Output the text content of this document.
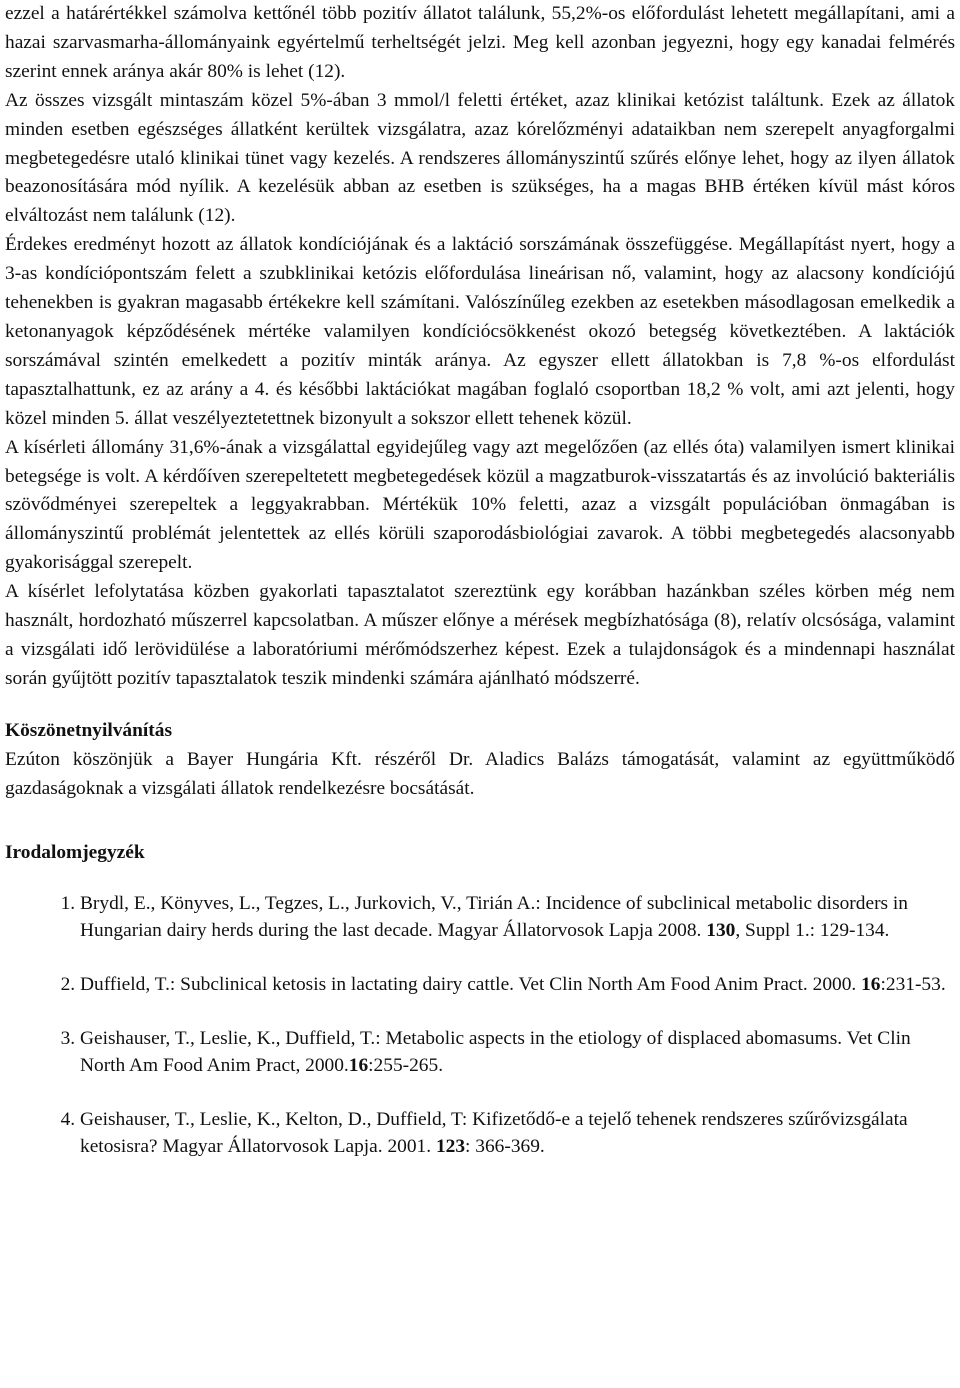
ezzel a határértékkel számolva kettőnél több pozitív állatot találunk, 55,2%-os előfordulást lehetett megállapítani, ami a hazai szarvasmarha-állományaink egyértelmű terheltségét jelzi. Meg kell azonban jegyezni, hogy egy kanadai felmérés szerint ennek aránya akár 80% is lehet (12).

Az összes vizsgált mintaszám közel 5%-ában 3 mmol/l feletti értéket, azaz klinikai ketózist találtunk. Ezek az állatok minden esetben egészséges állatként kerültek vizsgálatra, azaz kórelőzményi adataikban nem szerepelt anyagforgalmi megbetegedésre utaló klinikai tünet vagy kezelés. A rendszeres állományszintű szűrés előnye lehet, hogy az ilyen állatok beazonosítására mód nyílik. A kezelésük abban az esetben is szükséges, ha a magas BHB értéken kívül mást kóros elváltozást nem találunk (12).

Érdekes eredményt hozott az állatok kondíciójának és a laktáció sorszámának összefüggése. Megállapítást nyert, hogy a 3-as kondíciópontszám felett a szubklinikai ketózis előfordulása lineárisan nő, valamint, hogy az alacsony kondíciójú tehenekben is gyakran magasabb értékekre kell számítani. Valószínűleg ezekben az esetekben másodlagosan emelkedik a ketonanyagok képződésének mértéke valamilyen kondíciócsökkenést okozó betegség következtében. A laktációk sorszámával szintén emelkedett a pozitív minták aránya. Az egyszer ellett állatokban is 7,8 %-os elfordulást tapasztalhattunk, ez az arány a 4. és későbbi laktációkat magában foglaló csoportban 18,2 % volt, ami azt jelenti, hogy közel minden 5. állat veszélyeztetettnek bizonyult a sokszor ellett tehenek közül.

A kísérleti állomány 31,6%-ának a vizsgálattal egyidejűleg vagy azt megelőzően (az ellés óta) valamilyen ismert klinikai betegsége is volt. A kérdőíven szerepeltetett megbetegedések közül a magzatburok-visszatartás és az involúció bakteriális szövődményei szerepeltek a leggyakrabban. Mértékük 10% feletti, azaz a vizsgált populációban önmagában is állományszintű problémát jelentettek az ellés körüli szaporodásbiológiai zavarok. A többi megbetegedés alacsonyabb gyakorisággal szerepelt.

A kísérlet lefolytatása közben gyakorlati tapasztalatot szereztünk egy korábban hazánkban széles körben még nem használt, hordozható műszerrel kapcsolatban. A műszer előnye a mérések megbízhatósága (8), relatív olcsósága, valamint a vizsgálati idő lerövidülése a laboratóriumi mérőmódszerhez képest. Ezek a tulajdonságok és a mindennapi használat során gyűjtött pozitív tapasztalatok teszik mindenki számára ajánlható módszerré.

Köszönetnyilvánítás

Ezúton köszönjük a Bayer Hungária Kft. részéről Dr. Aladics Balázs támogatását, valamint az együttműködő gazdaságoknak a vizsgálati állatok rendelkezésre bocsátását.

Irodalomjegyzék
1. Brydl, E., Könyves, L., Tegzes, L., Jurkovich, V., Tirián A.: Incidence of subclinical metabolic disorders in Hungarian dairy herds during the last decade. Magyar Állatorvosok Lapja 2008. 130, Suppl 1.: 129-134.
2. Duffield, T.: Subclinical ketosis in lactating dairy cattle. Vet Clin North Am Food Anim Pract. 2000. 16:231-53.
3. Geishauser, T., Leslie, K., Duffield, T.: Metabolic aspects in the etiology of displaced abomasums. Vet Clin North Am Food Anim Pract, 2000.16:255-265.
4. Geishauser, T., Leslie, K., Kelton, D., Duffield, T: Kifizetődő-e a tejelő tehenek rendszeres szűrővizsgálata ketosisra? Magyar Állatorvosok Lapja. 2001. 123: 366-369.
